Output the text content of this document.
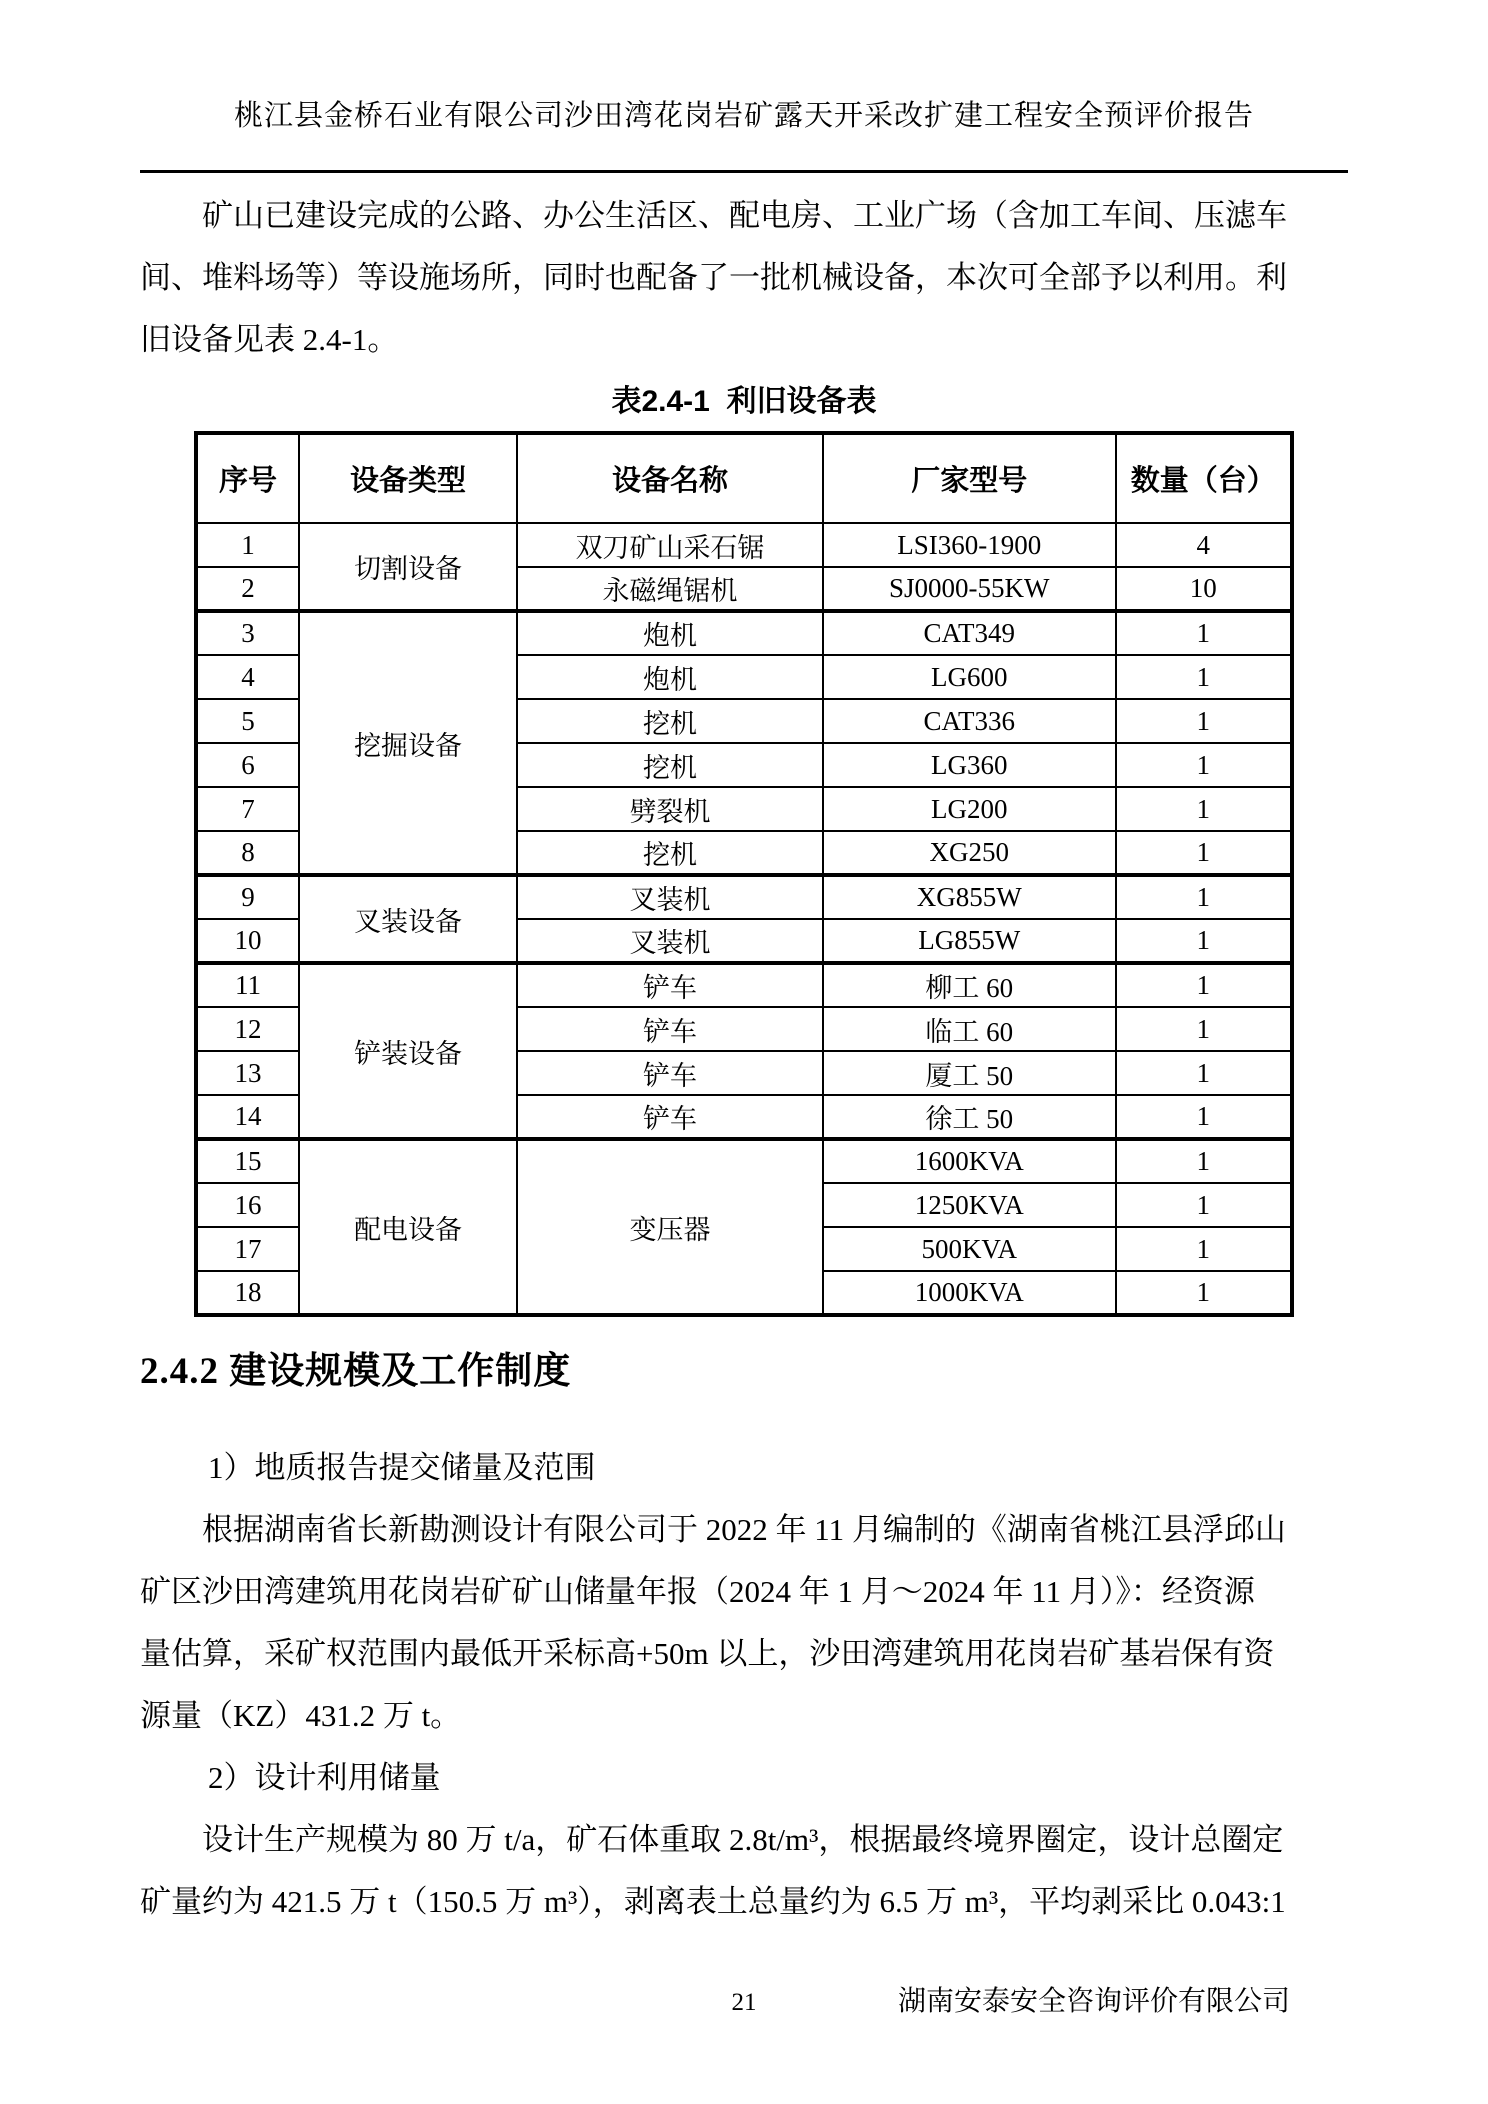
桃江县金桥石业有限公司沙田湾花岗岩矿露天开采改扩建工程安全预评价报告
矿山已建设完成的公路、办公生活区、配电房、工业广场（含加工车间、压滤车
间、堆料场等）等设施场所，同时也配备了一批机械设备，本次可全部予以利用。利
旧设备见表 2.4-1。
表2.4-1  利旧设备表
序号	设备类型	设备名称	厂家型号	数量（台）
1	切割设备	双刀矿山采石锯	LSI360-1900	4
2		永磁绳锯机	SJ0000-55KW	10
3	挖掘设备	炮机	CAT349	1
4		炮机	LG600	1
5		挖机	CAT336	1
6		挖机	LG360	1
7		劈裂机	LG200	1
8		挖机	XG250	1
9	叉装设备	叉装机	XG855W	1
10		叉装机	LG855W	1
11	铲装设备	铲车	柳工 60	1
12		铲车	临工 60	1
13		铲车	厦工 50	1
14		铲车	徐工 50	1
15	配电设备	变压器	1600KVA	1
16			1250KVA	1
17			500KVA	1
18			1000KVA	1
2.4.2 建设规模及工作制度
1）地质报告提交储量及范围
根据湖南省长新勘测设计有限公司于 2022 年 11 月编制的《湖南省桃江县浮邱山
矿区沙田湾建筑用花岗岩矿矿山储量年报（2024 年 1 月～2024 年 11 月）》：经资源
量估算，采矿权范围内最低开采标高+50m 以上，沙田湾建筑用花岗岩矿基岩保有资
源量（KZ）431.2 万 t。
2）设计利用储量
设计生产规模为 80 万 t/a，矿石体重取 2.8t/m³，根据最终境界圈定，设计总圈定
矿量约为 421.5 万 t（150.5 万 m³），剥离表土总量约为 6.5 万 m³，平均剥采比 0.043:1
21	湖南安泰安全咨询评价有限公司
